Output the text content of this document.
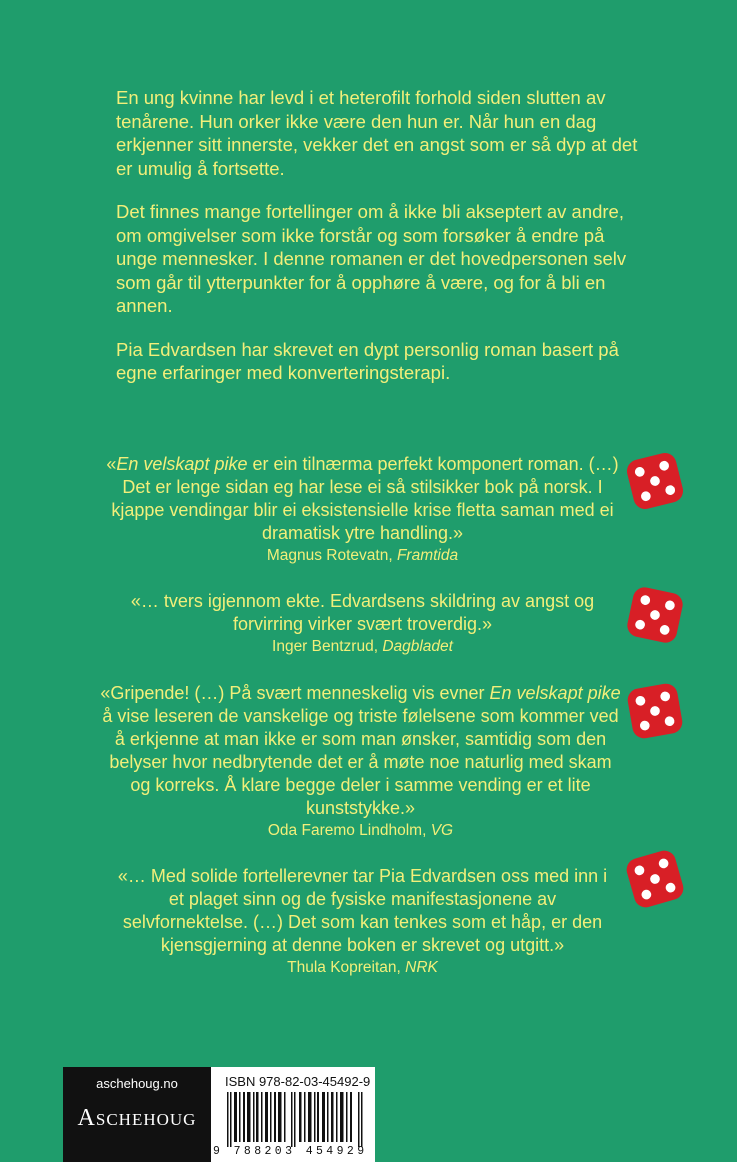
En ung kvinne har levd i et heterofilt forhold siden slutten av tenårene. Hun orker ikke være den hun er. Når hun en dag erkjenner sitt innerste, vekker det en angst som er så dyp at det er umulig å fortsette.

Det finnes mange fortellinger om å ikke bli akseptert av andre, om omgivelser som ikke forstår og som forsøker å endre på unge mennesker. I denne romanen er det hovedpersonen selv som går til ytterpunkter for å opphøre å være, og for å bli en annen.

Pia Edvardsen har skrevet en dypt personlig roman basert på egne erfaringer med konverteringsterapi.

«En velskapt pike er ein tilnærma perfekt komponert roman. (…) Det er lenge sidan eg har lese ei så stilsikker bok på norsk. I kjappe vendingar blir ei eksistensielle krise fletta saman med ei dramatisk ytre handling.»
Magnus Rotevatn, Framtida
«… tvers igjennom ekte. Edvardsens skildring av angst og forvirring virker svært troverdig.»
Inger Bentzrud, Dagbladet
«Gripende! (…) På svært menneskelig vis evner En velskapt pike å vise leseren de vanskelige og triste følelsene som kommer ved å erkjenne at man ikke er som man ønsker, samtidig som den belyser hvor nedbrytende det er å møte noe naturlig med skam og korreks. Å klare begge deler i samme vending er et lite kunststykke.»
Oda Faremo Lindholm, VG
«… Med solide fortellerevner tar Pia Edvardsen oss med inn i et plaget sinn og de fysiske manifestasjonene av selvfornektelse. (…) Det som kan tenkes som et håp, er den kjensgjerning at denne boken er skrevet og utgitt.»
Thula Kopreitan, NRK
aschehoug.no
Aschehoug
ISBN 978-82-03-45492-9
9 788203 454929
